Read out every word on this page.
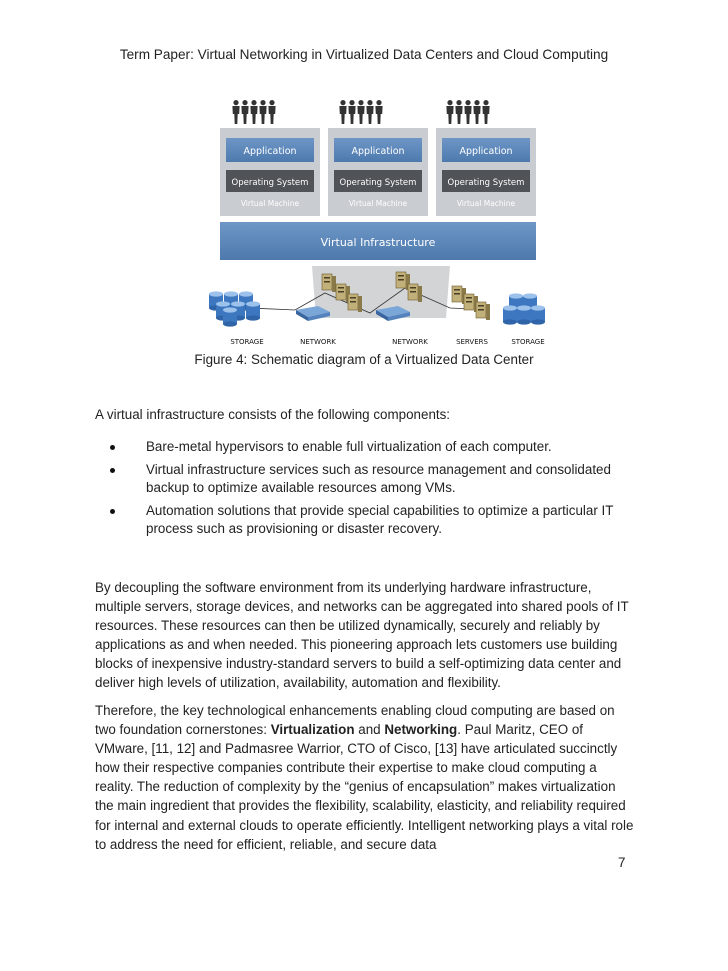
Term Paper: Virtual Networking in Virtualized Data Centers and Cloud Computing
Application
Operating System
Virtual Machine
Application
Operating System
Virtual Machine
Application
Operating System
Virtual Machine
Virtual Infrastructure
STORAGE	NETWORK	NETWORK	SERVERS	STORAGE
Figure 4: Schematic diagram of a Virtualized Data Center
A virtual infrastructure consists of the following components:
Bare-metal hypervisors to enable full virtualization of each computer.
Virtual infrastructure services such as resource management and consolidated backup to optimize available resources among VMs.
Automation solutions that provide special capabilities to optimize a particular IT process such as provisioning or disaster recovery.

By decoupling the software environment from its underlying hardware infrastructure, multiple servers, storage devices, and networks can be aggregated into shared pools of IT resources. These resources can then be utilized dynamically, securely and reliably by applications as and when needed. This pioneering approach lets customers use building blocks of inexpensive industry-standard servers to build a self-optimizing data center and deliver high levels of utilization, availability, automation and flexibility.

Therefore, the key technological enhancements enabling cloud computing are based on two foundation cornerstones: Virtualization and Networking. Paul Maritz, CEO of VMware, [11, 12] and Padmasree Warrior, CTO of Cisco, [13] have articulated succinctly how their respective companies contribute their expertise to make cloud computing a reality. The reduction of complexity by the “genius of encapsulation” makes virtualization the main ingredient that provides the flexibility, scalability, elasticity, and reliability required for internal and external clouds to operate efficiently. Intelligent networking plays a vital role to address the need for efficient, reliable, and secure data

7
